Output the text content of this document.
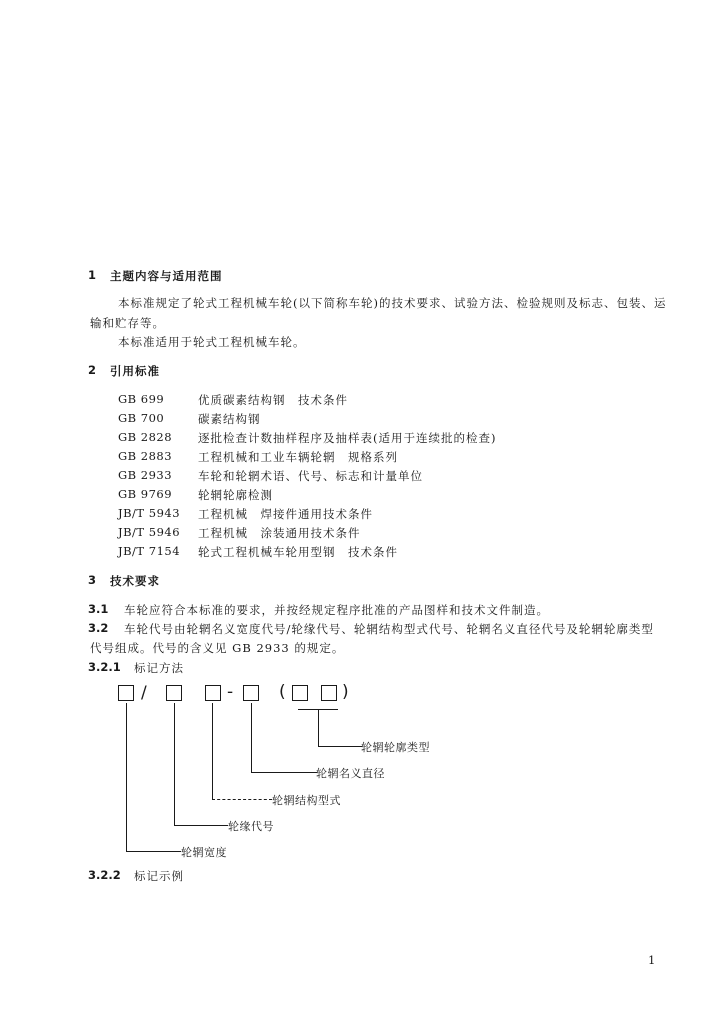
1 主题内容与适用范围
本标准规定了轮式工程机械车轮(以下简称车轮)的技术要求、试验方法、检验规则及标志、包装、运
输和贮存等。
本标准适用于轮式工程机械车轮。
2 引用标准
GB 699	优质碳素结构钢　技术条件
GB 700	碳素结构钢
GB 2828 逐批检查计数抽样程序及抽样表(适用于连续批的检查)
GB 2883 工程机械和工业车辆轮辋　规格系列
GB 2933 车轮和轮辋术语、代号、标志和计量单位
GB 9769 轮辋轮廓检测
JB/T 5943 工程机械　焊接件通用技术条件
JB/T 5946 工程机械　涂装通用技术条件
JB/T 7154 轮式工程机械车轮用型钢　技术条件
3 技术要求
3.1 车轮应符合本标准的要求，并按经规定程序批准的产品图样和技术文件制造。
3.2 车轮代号由轮辋名义宽度代号/轮缘代号、轮辋结构型式代号、轮辋名义直径代号及轮辋轮廓类型
代号组成。代号的含义见 GB 2933 的规定。
3.2.1 标记方法
/	-	(	)
轮辋轮廓类型
轮辋名义直径
轮辋结构型式
轮缘代号
轮辋宽度
3.2.2 标记示例
1
